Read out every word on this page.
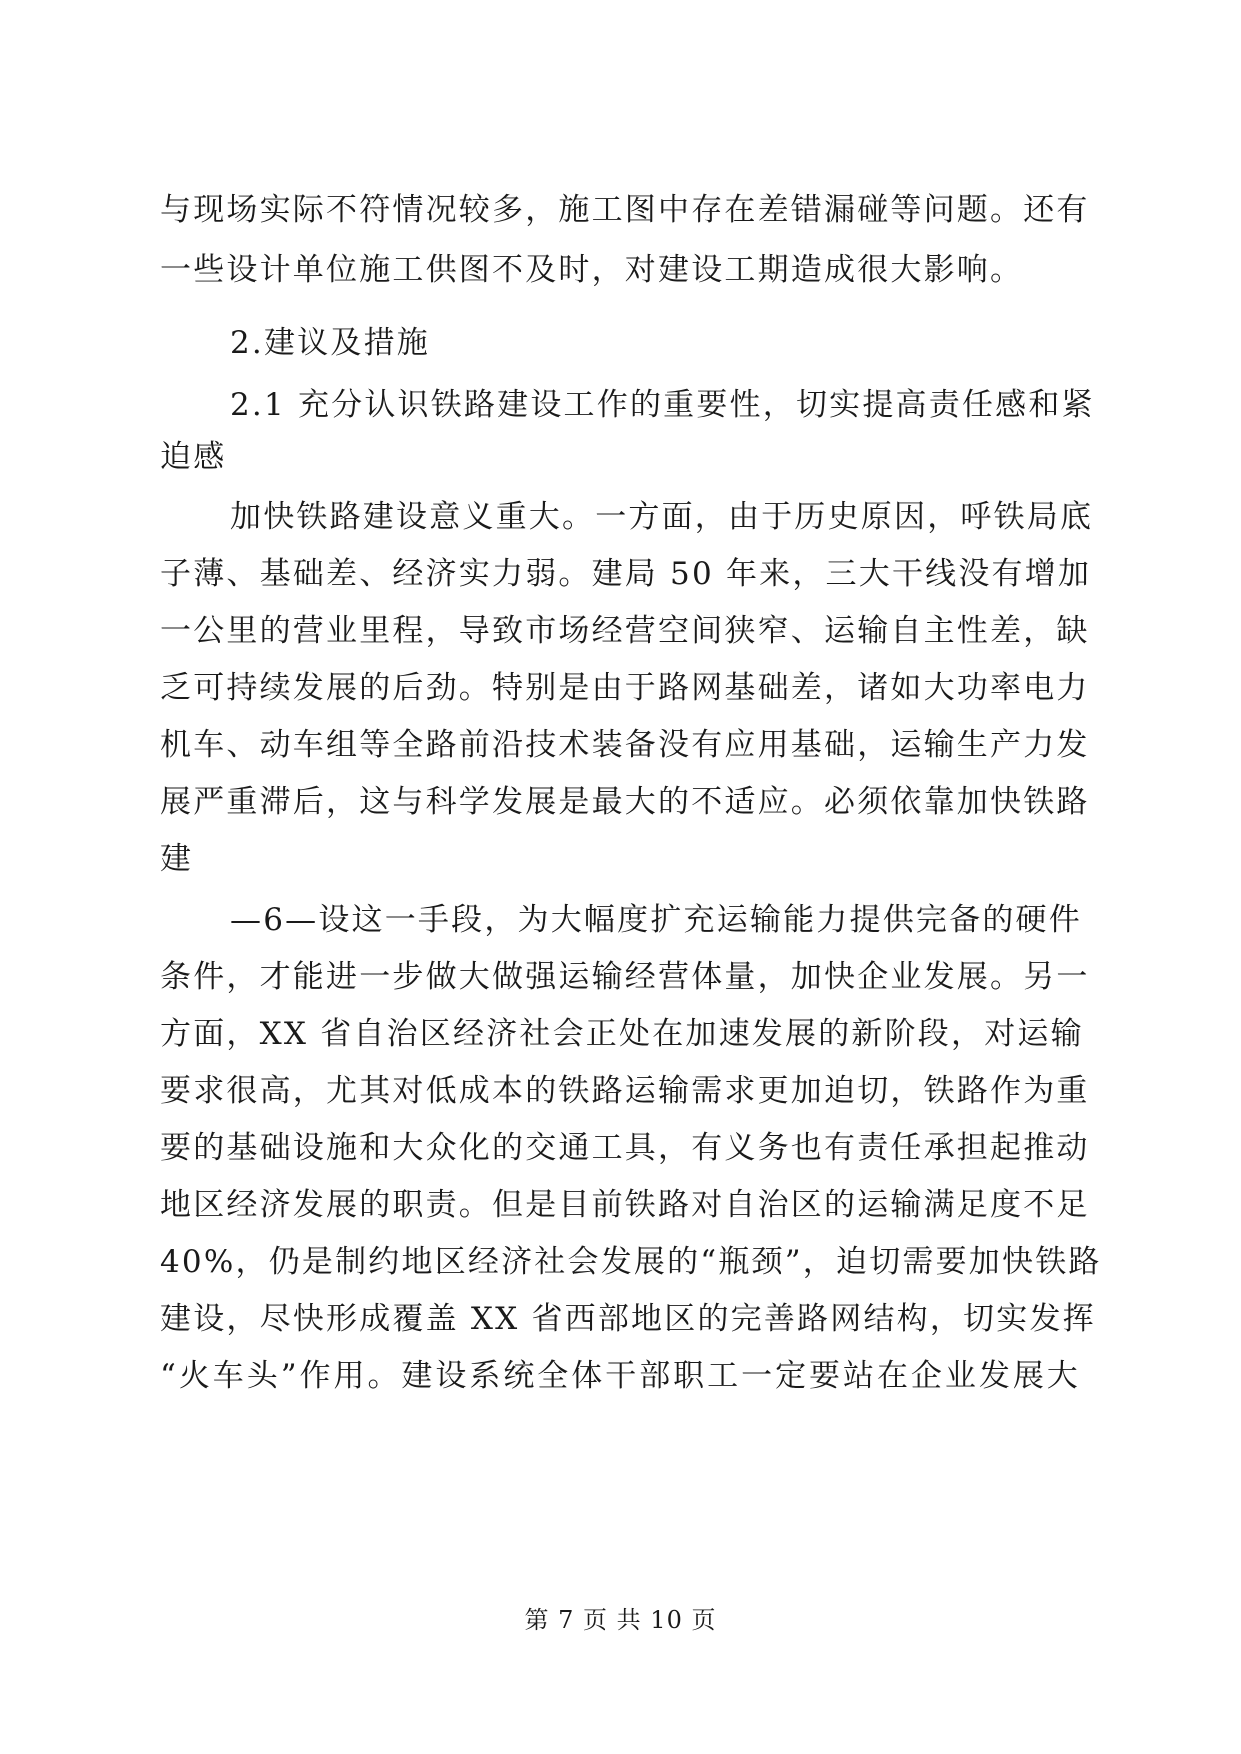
与现场实际不符情况较多，施工图中存在差错漏碰等问题。还有
一些设计单位施工供图不及时，对建设工期造成很大影响。
2.建议及措施
2.1 充分认识铁路建设工作的重要性，切实提高责任感和紧
迫感
加快铁路建设意义重大。一方面，由于历史原因，呼铁局底
子薄、基础差、经济实力弱。建局 50 年来，三大干线没有增加
一公里的营业里程，导致市场经营空间狭窄、运输自主性差，缺
乏可持续发展的后劲。特别是由于路网基础差，诸如大功率电力
机车、动车组等全路前沿技术装备没有应用基础，运输生产力发
展严重滞后，这与科学发展是最大的不适应。必须依靠加快铁路
建
—6—设这一手段，为大幅度扩充运输能力提供完备的硬件
条件，才能进一步做大做强运输经营体量，加快企业发展。另一
方面，XX 省自治区经济社会正处在加速发展的新阶段，对运输
要求很高，尤其对低成本的铁路运输需求更加迫切，铁路作为重
要的基础设施和大众化的交通工具，有义务也有责任承担起推动
地区经济发展的职责。但是目前铁路对自治区的运输满足度不足
40%，仍是制约地区经济社会发展的“瓶颈”，迫切需要加快铁路
建设，尽快形成覆盖 XX 省西部地区的完善路网结构，切实发挥
“火车头”作用。建设系统全体干部职工一定要站在企业发展大
第 7 页 共 10 页
